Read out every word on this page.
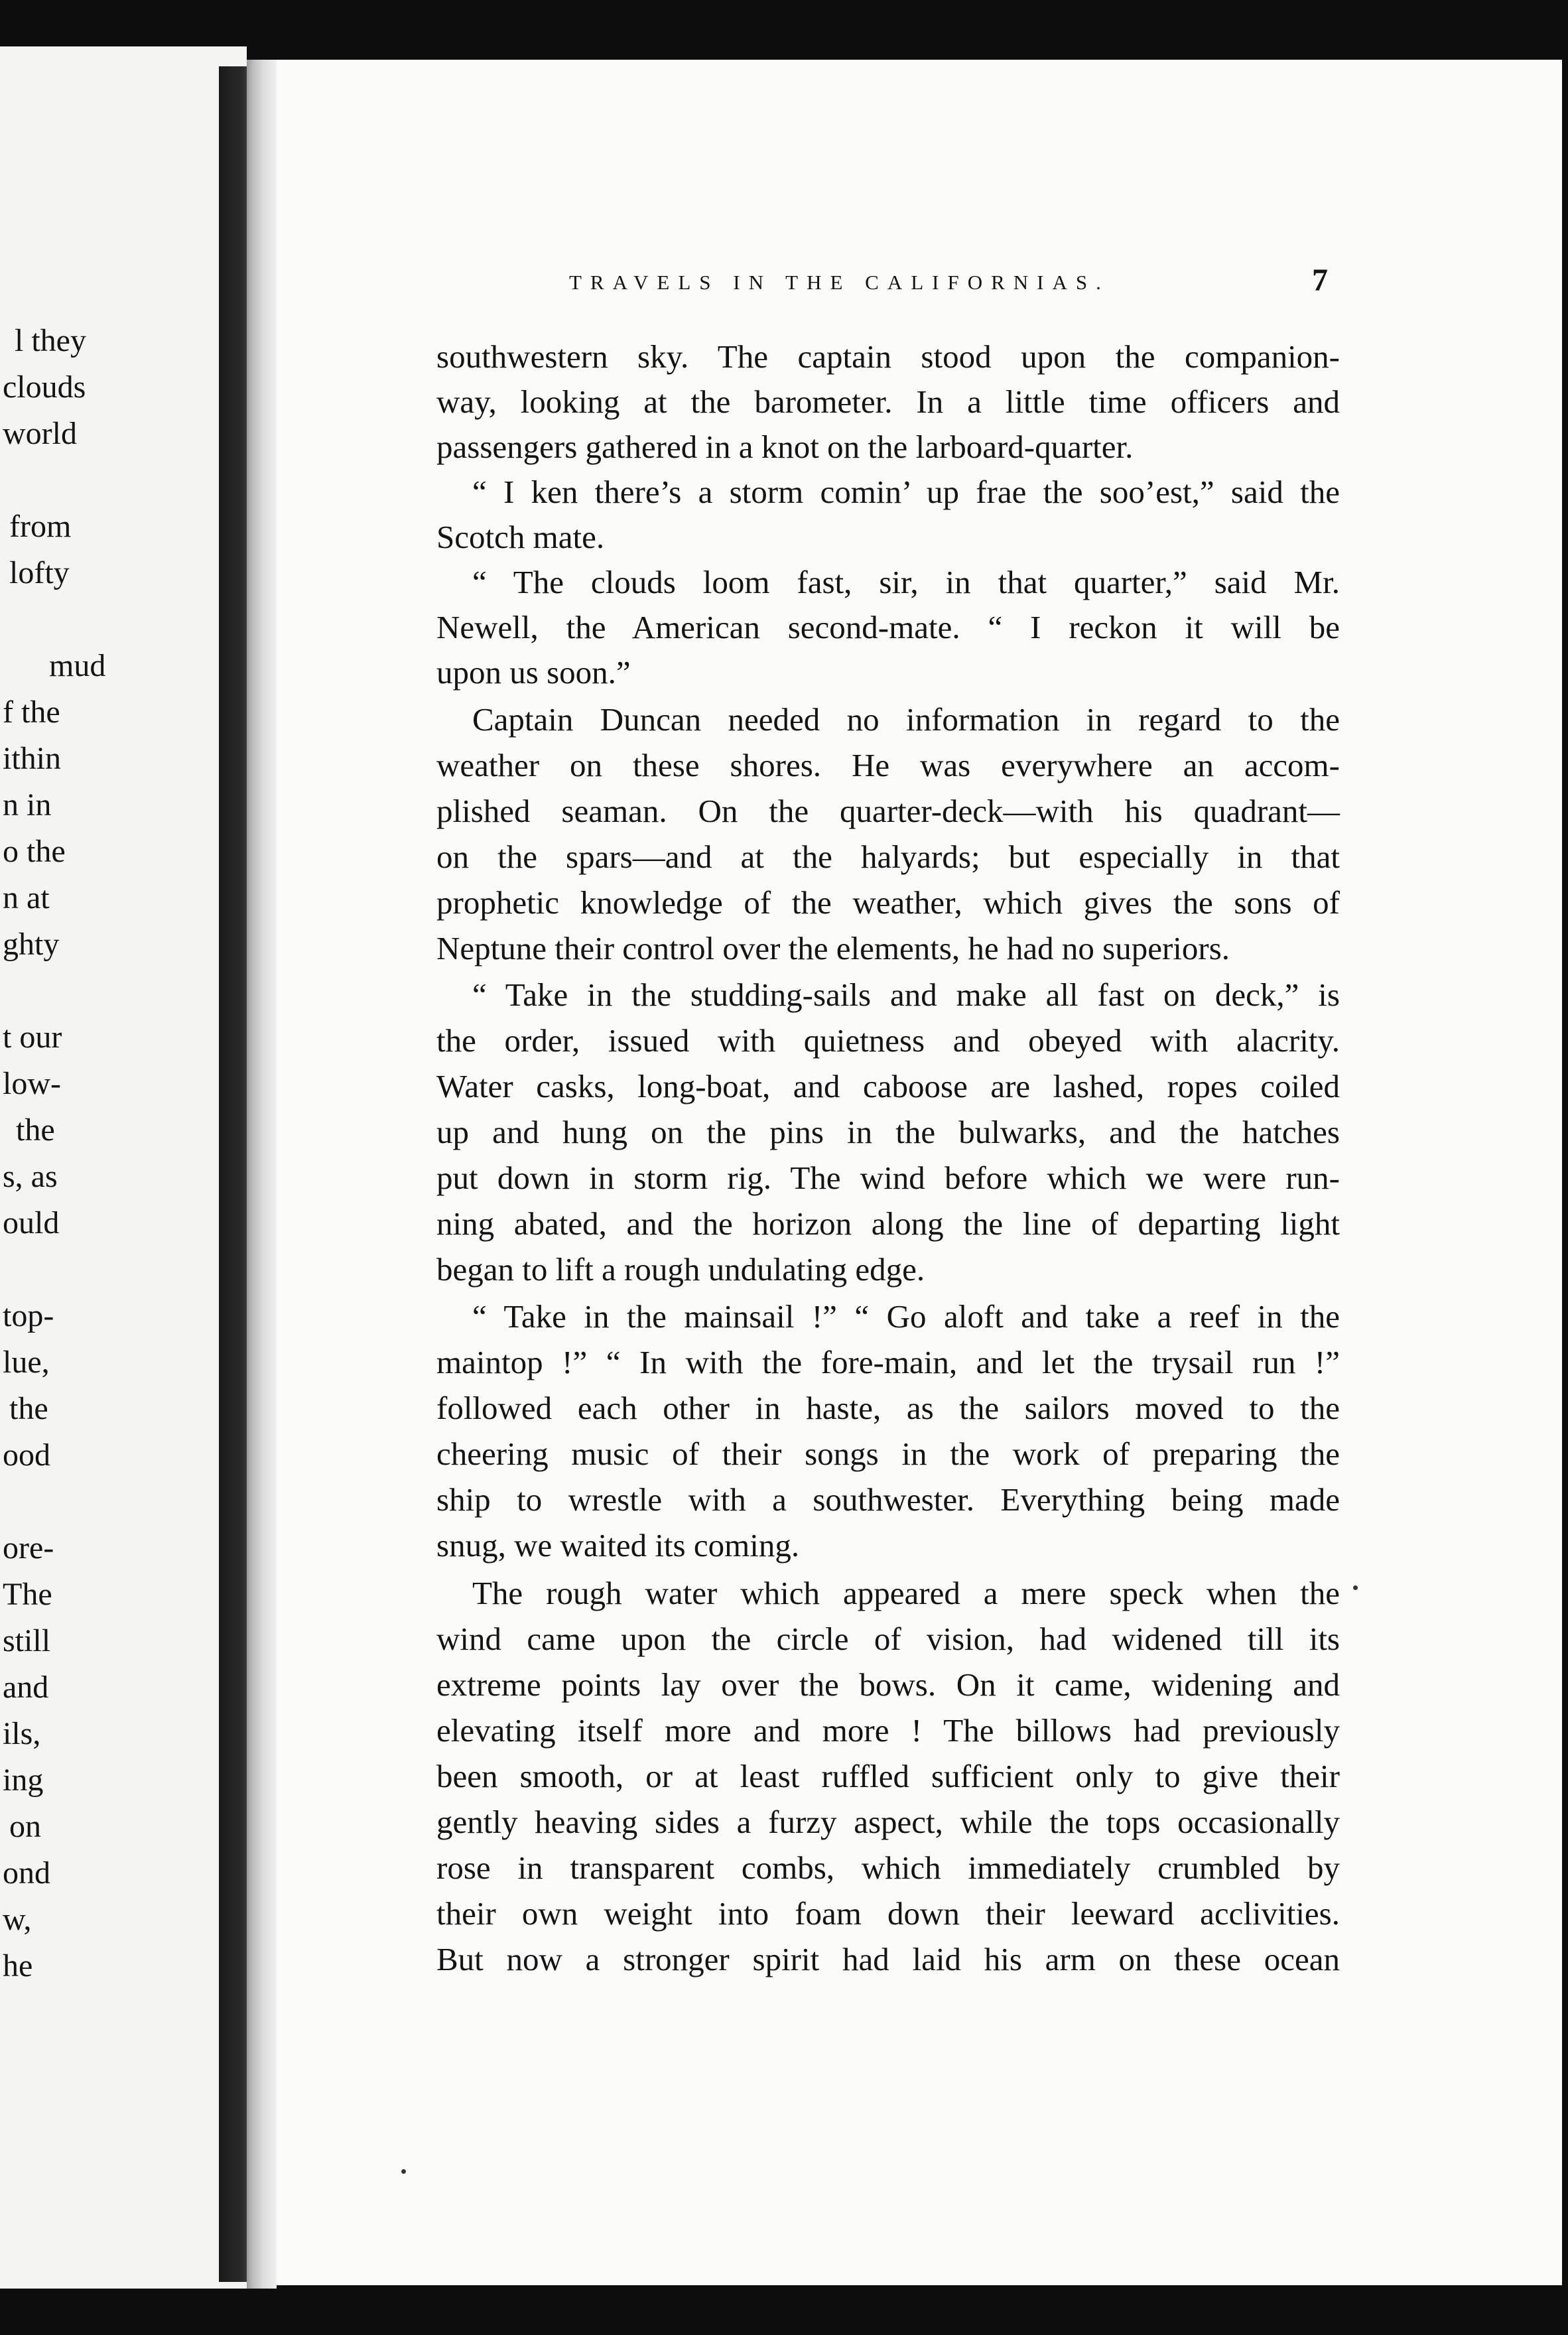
l they
clouds
world
from
lofty
mud
f the
ithin
n in
o the
n at
ghty
t our
low-
the
s, as
ould
top-
lue,
the
ood
ore-
The
still
and
ils,
ing
on
ond
w,
he
TRAVELS IN THE CALIFORNIAS.	7
southwestern sky. The captain stood upon the companion-
way, looking at the barometer. In a little time officers and
passengers gathered in a knot on the larboard-quarter.
“ I ken there’s a storm comin’ up frae the soo’est,” said the
Scotch mate.
“ The clouds loom fast, sir, in that quarter,” said Mr.
Newell, the American second-mate. “ I reckon it will be
upon us soon.”
Captain Duncan needed no information in regard to the
weather on these shores. He was everywhere an accom-
plished seaman. On the quarter-deck—with his quadrant—
on the spars—and at the halyards; but especially in that
prophetic knowledge of the weather, which gives the sons of
Neptune their control over the elements, he had no superiors.
“ Take in the studding-sails and make all fast on deck,” is
the order, issued with quietness and obeyed with alacrity.
Water casks, long-boat, and caboose are lashed, ropes coiled
up and hung on the pins in the bulwarks, and the hatches
put down in storm rig. The wind before which we were run-
ning abated, and the horizon along the line of departing light
began to lift a rough undulating edge.
“ Take in the mainsail !” “ Go aloft and take a reef in the
maintop !” “ In with the fore-main, and let the trysail run !”
followed each other in haste, as the sailors moved to the
cheering music of their songs in the work of preparing the
ship to wrestle with a southwester. Everything being made
snug, we waited its coming.
The rough water which appeared a mere speck when the
wind came upon the circle of vision, had widened till its
extreme points lay over the bows. On it came, widening and
elevating itself more and more ! The billows had previously
been smooth, or at least ruffled sufficient only to give their
gently heaving sides a furzy aspect, while the tops occasionally
rose in transparent combs, which immediately crumbled by
their own weight into foam down their leeward acclivities.
But now a stronger spirit had laid his arm on these ocean
